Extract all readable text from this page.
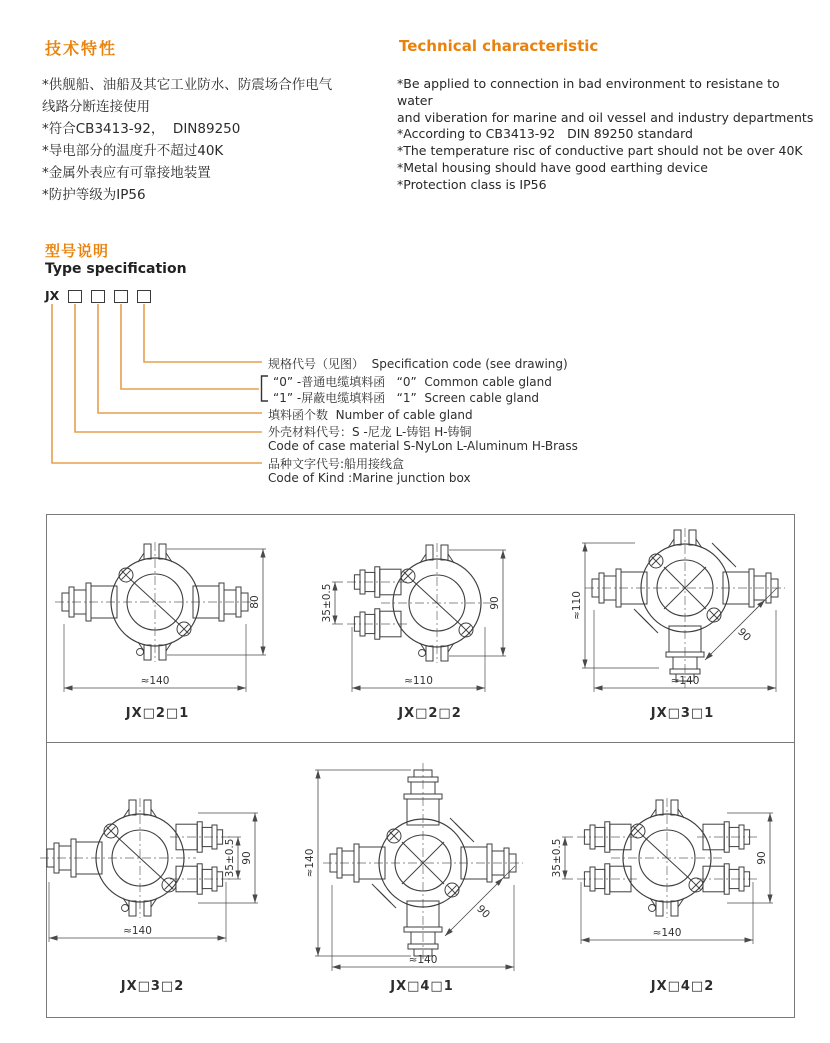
技术特性	Technical characteristic
*供舰船、油船及其它工业防水、防震场合作电气
线路分断连接使用
*符合CB3413-92，  DIN89250
*导电部分的温度升不超过40K
*金属外表应有可靠接地装置
*防护等级为IP56
*Be applied to connection in bad environment to resistane to water
and viberation for marine and oil vessel and industry departments
*According to CB3413-92   DIN 89250 standard
*The temperature risc of conductive part should not be over 40K
*Metal housing should have good earthing device
*Protection class is IP56
型号说明
Type specification
JX
规格代号（见图）  Specification code (see drawing)
“0” -普通电缆填料函   “0”  Common cable gland
“1” -屏蔽电缆填料函   “1”  Screen cable gland
填料函个数  Number of cable gland
外壳材料代号：S -尼龙 L-铸铝 H-铸铜
Code of case material S-NyLon L-Aluminum H-Brass
品种文字代号:船用接线盒
Code of Kind :Marine junction box
≈140
80
≈110
90
35±0.5
≈140
≈110
90
≈140
90
35±0.5
≈140
≈140
90
≈140
90
35±0.5
JX□2□1	JX□2□2	JX□3□1
JX□3□2	JX□4□1	JX□4□2
